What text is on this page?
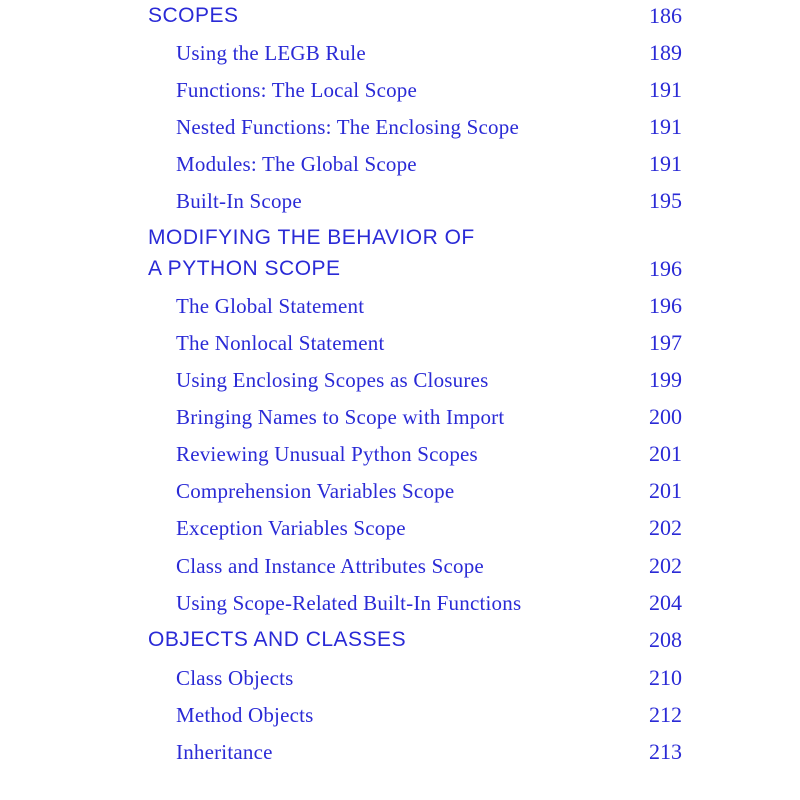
SCOPES	186
Using the LEGB Rule	189
Functions: The Local Scope	191
Nested Functions: The Enclosing Scope	191
Modules: The Global Scope	191
Built-In Scope	195
MODIFYING THE BEHAVIOR OF
A PYTHON SCOPE	196
The Global Statement	196
The Nonlocal Statement	197
Using Enclosing Scopes as Closures	199
Bringing Names to Scope with Import	200
Reviewing Unusual Python Scopes	201
Comprehension Variables Scope	201
Exception Variables Scope	202
Class and Instance Attributes Scope	202
Using Scope-Related Built-In Functions	204
OBJECTS AND CLASSES	208
Class Objects	210
Method Objects	212
Inheritance	213
